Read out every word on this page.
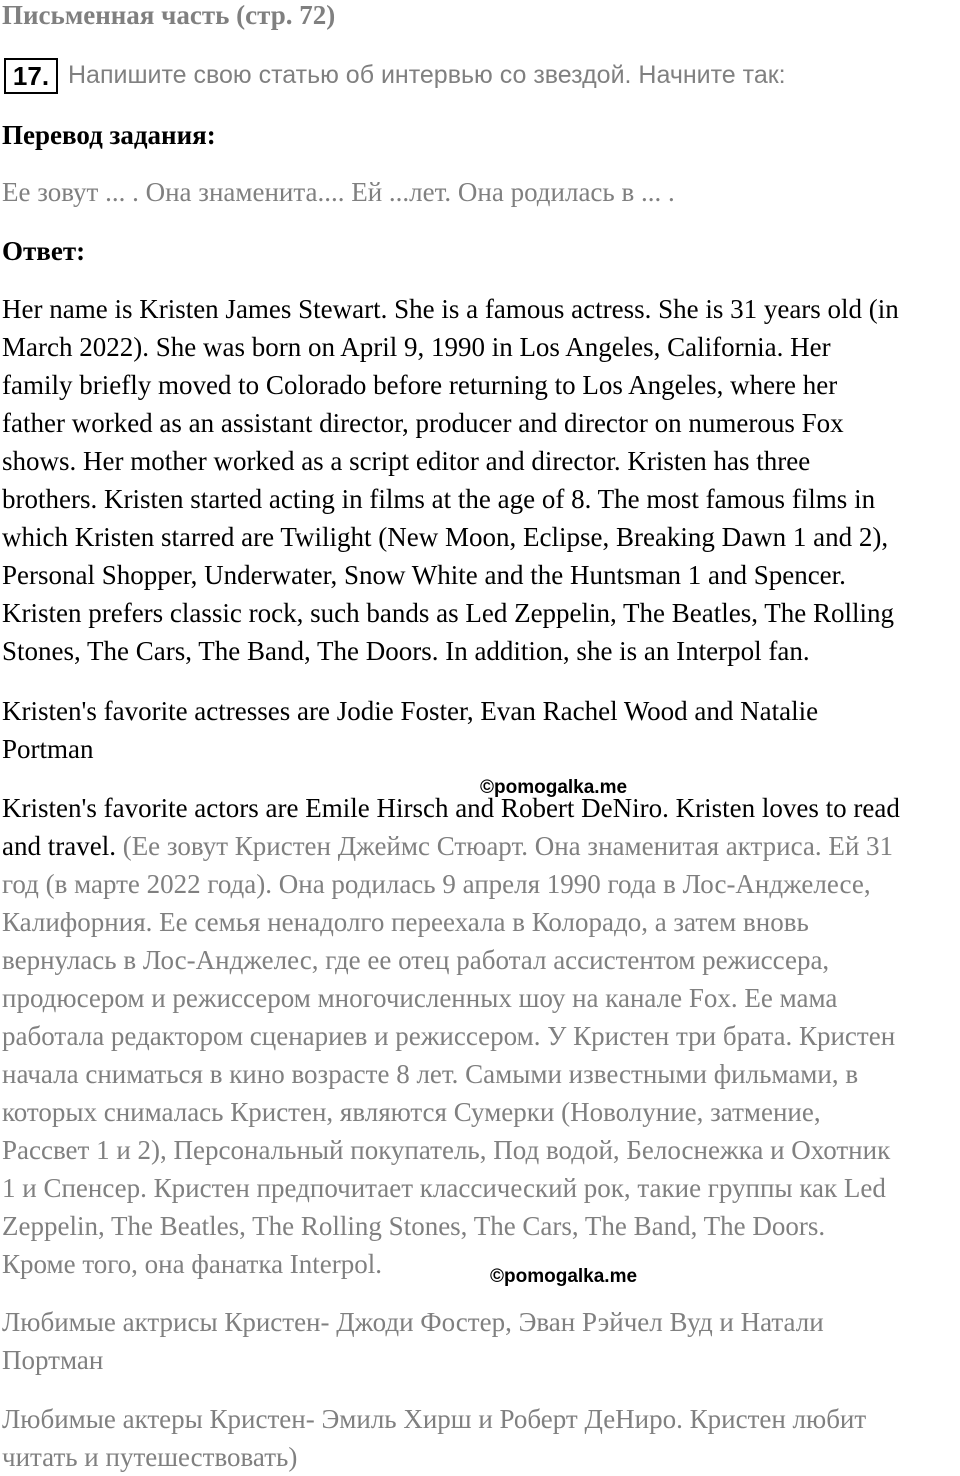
Письменная часть (стр. 72)
17. Напишите свою статью об интервью со звездой. Начните так:
Перевод задания:
Ее зовут ... . Она знаменита.... Ей ...лет. Она родилась в ... .
Ответ:

Her name is Kristen James Stewart. She is a famous actress. She is 31 years old (in
March 2022). She was born on April 9, 1990 in Los Angeles, California. Her
family briefly moved to Colorado before returning to Los Angeles, where her
father worked as an assistant director, producer and director on numerous Fox
shows. Her mother worked as a script editor and director. Kristen has three
brothers. Kristen started acting in films at the age of 8. The most famous films in
which Kristen starred are Twilight (New Moon, Eclipse, Breaking Dawn 1 and 2),
Personal Shopper, Underwater, Snow White and the Huntsman 1 and Spencer.
Kristen prefers classic rock, such bands as Led Zeppelin, The Beatles, The Rolling
Stones, The Cars, The Band, The Doors. In addition, she is an Interpol fan.

Kristen's favorite actresses are Jodie Foster, Evan Rachel Wood and Natalie
Portman

©pomogalka.me

Kristen's favorite actors are Emile Hirsch and Robert DeNiro. Kristen loves to read

and travel. (Ее зовут Кристен Джеймс Стюарт. Она знаменитая актриса. Ей 31

год (в марте 2022 года). Она родилась 9 апреля 1990 года в Лос-Анджелесе,
Калифорния. Ее семья ненадолго переехала в Колорадо, а затем вновь
вернулась в Лос-Анджелес, где ее отец работал ассистентом режиссера,
продюсером и режиссером многочисленных шоу на канале Fox. Ее мама
работала редактором сценариев и режиссером. У Кристен три брата. Кристен
начала сниматься в кино возрасте 8 лет. Самыми известными фильмами, в
которых снималась Кристен, являются Сумерки (Новолуние, затмение,
Рассвет 1 и 2), Персональный покупатель, Под водой, Белоснежка и Охотник
1 и Спенсер. Кристен предпочитает классический рок, такие группы как Led
Zeppelin, The Beatles, The Rolling Stones, The Cars, The Band, The Doors.
Кроме того, она фанатка Interpol.	©pomogalka.me

Любимые актрисы Кристен- Джоди Фостер, Эван Рэйчел Вуд и Натали
Портман

Любимые актеры Кристен- Эмиль Хирш и Роберт ДеНиро. Кристен любит
читать и путешествовать)
